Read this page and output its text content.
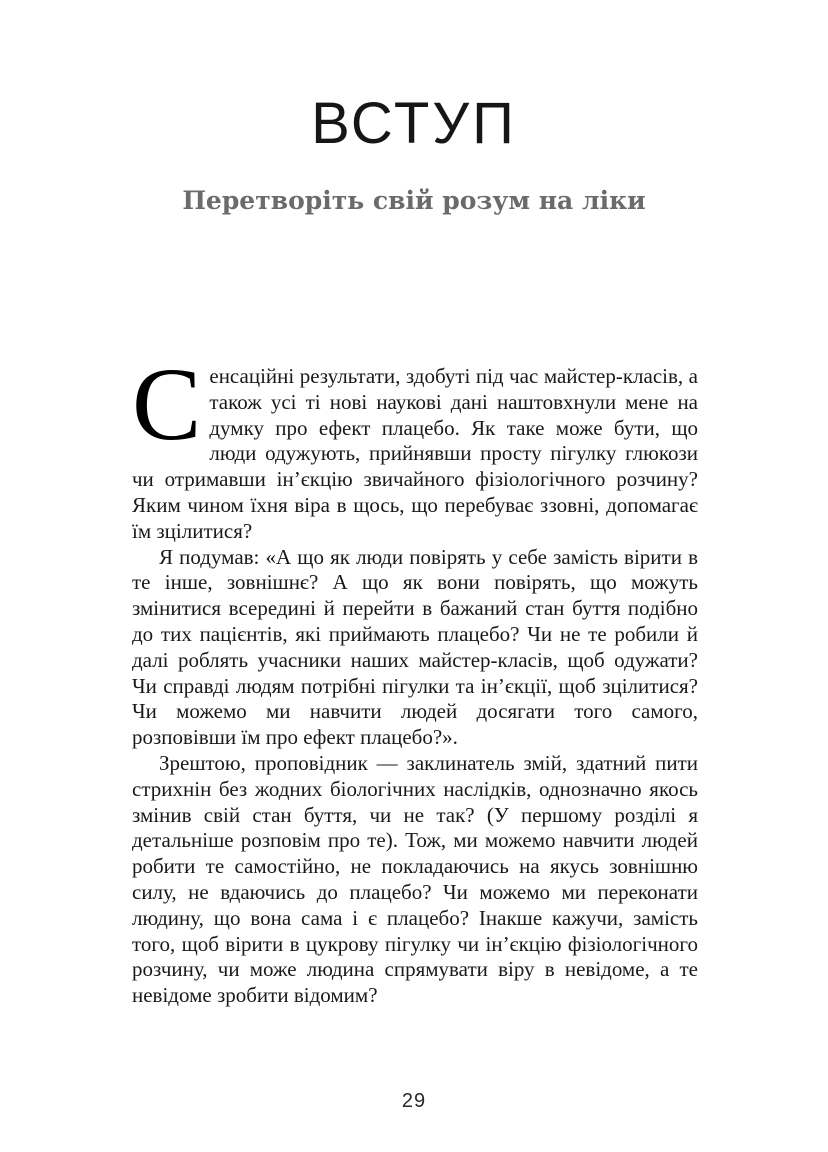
ВСТУП
Перетворіть свій розум на ліки

Сенсаційні результати, здобуті під час майстер-класів, а також усі ті нові наукові дані наштовхнули мене на думку про ефект плацебо. Як таке може бути, що люди одужують, прийнявши просту пігулку глюкози чи отримавши ін’єкцію звичайного фізіологічного розчину? Яким чином їхня віра в щось, що перебуває ззовні, допомагає їм зцілитися?

Я подумав: «А що як люди повірять у себе замість вірити в те інше, зовнішнє? А що як вони повірять, що можуть змінитися всередині й перейти в бажаний стан буття подібно до тих пацієнтів, які приймають плацебо? Чи не те робили й далі роблять учасники наших майстер-класів, щоб одужати? Чи справді людям потрібні пігулки та ін’єкції, щоб зцілитися? Чи можемо ми навчити людей досягати того самого, розповівши їм про ефект плацебо?».

Зрештою, проповідник — заклинатель змій, здатний пити стрихнін без жодних біологічних наслідків, однозначно якось змінив свій стан буття, чи не так? (У першому розділі я детальніше розповім про те). Тож, ми можемо навчити людей робити те самостійно, не покладаючись на якусь зовнішню силу, не вдаючись до плацебо? Чи можемо ми переконати людину, що вона сама і є плацебо? Інакше кажучи, замість того, щоб вірити в цукрову пігулку чи ін’єкцію фізіологічного розчину, чи може людина спрямувати віру в невідоме, а те невідоме зробити відомим?

29
